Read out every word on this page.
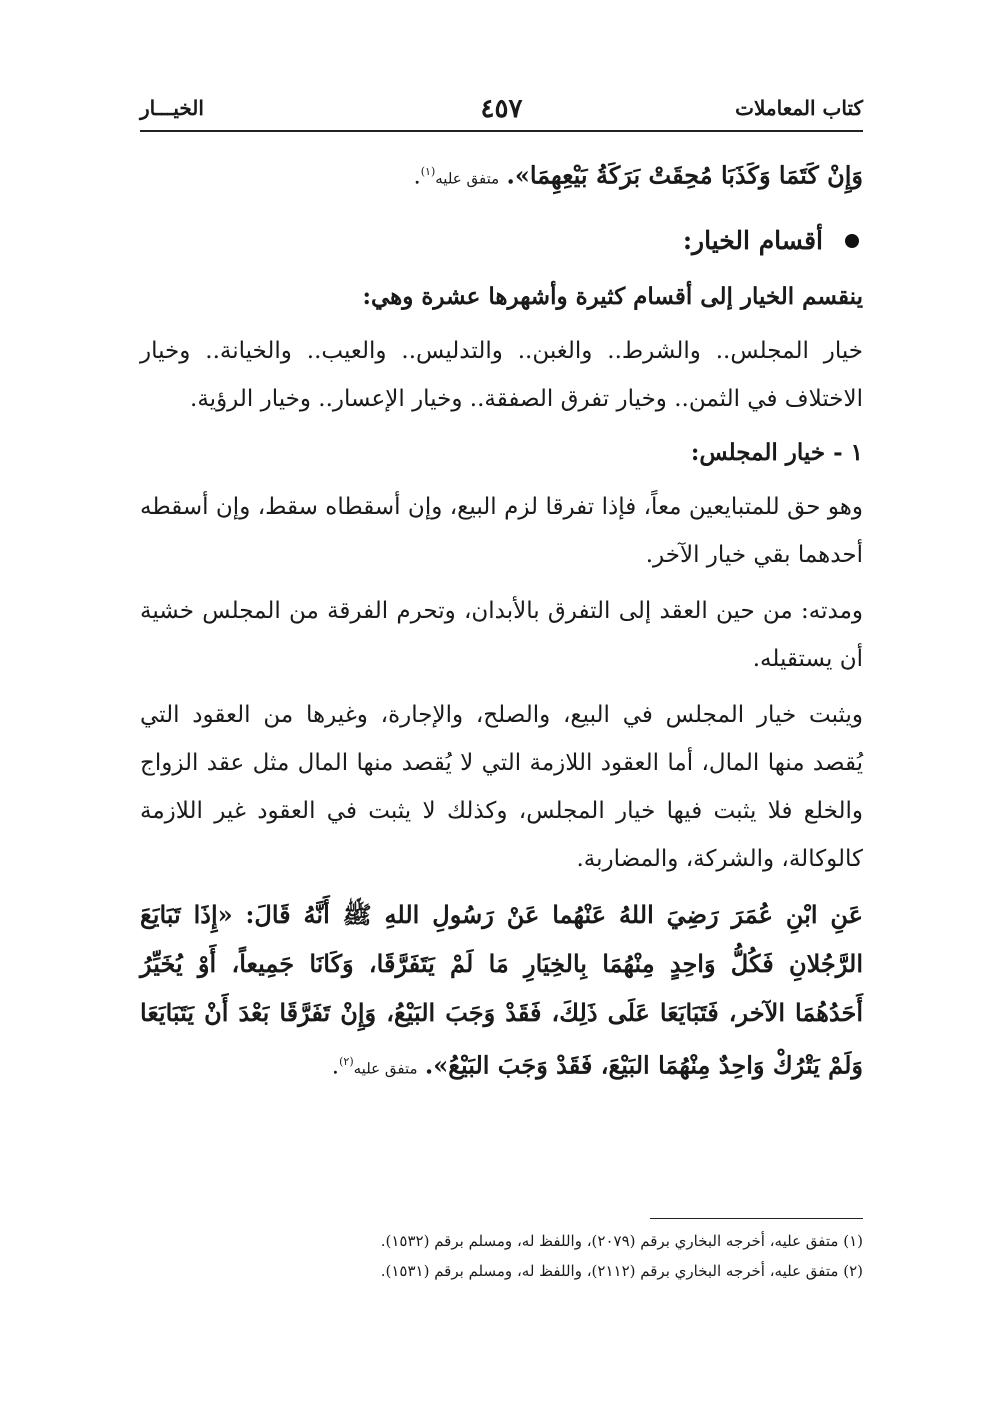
كتاب المعاملات
٤٥٧
الخيـــار

وَإِنْ كَتَمَا وَكَذَبَا مُحِقَتْ بَرَكَةُ بَيْعِهِمَا». متفق عليه$^{(١)}$.

أقسام الخيار:

ينقسم الخيار إلى أقسام كثيرة وأشهرها عشرة وهي:

خيار المجلس.. والشرط.. والغبن.. والتدليس.. والعيب.. والخيانة.. وخيار الاختلاف في الثمن.. وخيار تفرق الصفقة.. وخيار الإعسار.. وخيار الرؤية.

١ - خيار المجلس:

وهو حق للمتبايعين معاً، فإذا تفرقا لزم البيع، وإن أسقطاه سقط، وإن أسقطه أحدهما بقي خيار الآخر.

ومدته: من حين العقد إلى التفرق بالأبدان، وتحرم الفرقة من المجلس خشية أن يستقيله.

ويثبت خيار المجلس في البيع، والصلح، والإجارة، وغيرها من العقود التي يُقصد منها المال، أما العقود اللازمة التي لا يُقصد منها المال مثل عقد الزواج والخلع فلا يثبت فيها خيار المجلس، وكذلك لا يثبت في العقود غير اللازمة كالوكالة، والشركة، والمضاربة.

عَنِ ابْنِ عُمَرَ رَضِيَ اللهُ عَنْهُما عَنْ رَسُولِ اللهِ ﷺ أَنَّهُ قَالَ: «إِذَا تَبَايَعَ الرَّجُلانِ فَكُلُّ وَاحِدٍ مِنْهُمَا بِالخِيَارِ مَا لَمْ يَتَفَرَّقَا، وَكَانَا جَمِيعاً، أَوْ يُخَيِّرُ أَحَدُهُمَا الآخر، فَتَبَايَعَا عَلَى ذَلِكَ، فَقَدْ وَجَبَ البَيْعُ، وَإِنْ تَفَرَّقَا بَعْدَ أَنْ يَتَبَايَعَا وَلَمْ يَتْرُكْ وَاحِدٌ مِنْهُمَا البَيْعَ، فَقَدْ وَجَبَ البَيْعُ». متفق عليه$^{(٢)}$.

(١) متفق عليه، أخرجه البخاري برقم (٢٠٧٩)، واللفظ له، ومسلم برقم (١٥٣٢).

(٢) متفق عليه، أخرجه البخاري برقم (٢١١٢)، واللفظ له، ومسلم برقم (١٥٣١).
